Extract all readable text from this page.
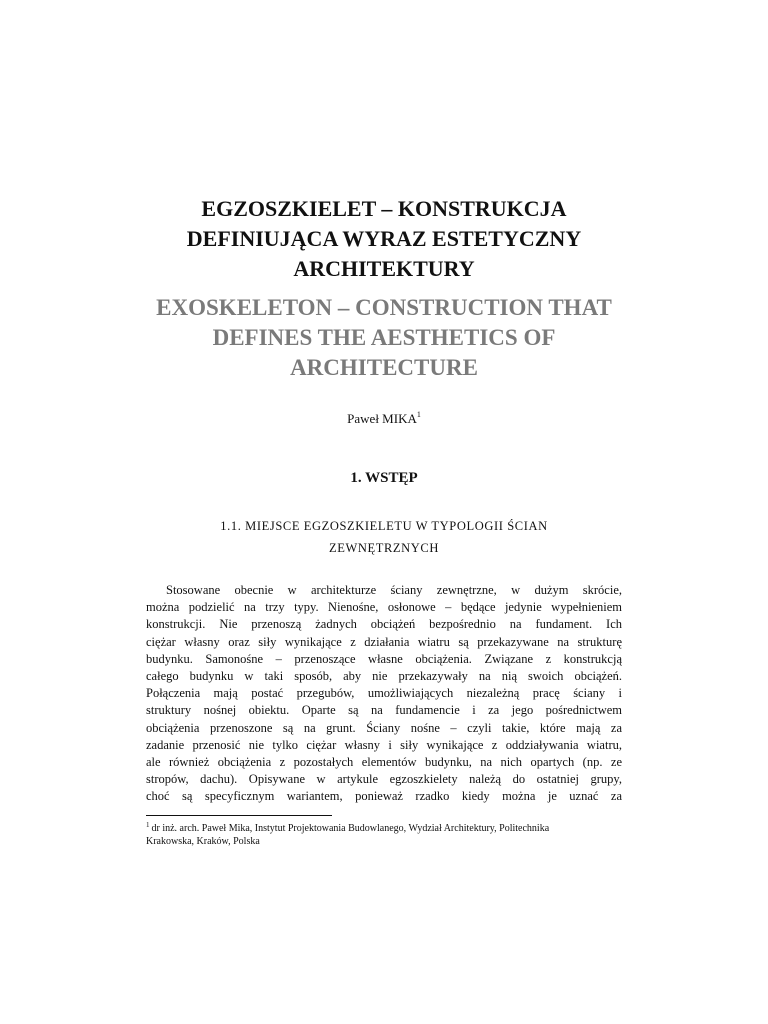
EGZOSZKIELET – KONSTRUKCJA
DEFINIUJĄCA WYRAZ ESTETYCZNY
ARCHITEKTURY
EXOSKELETON – CONSTRUCTION THAT
DEFINES THE AESTHETICS OF
ARCHITECTURE
Paweł MIKA$^1$
1. WSTĘP
1.1. MIEJSCE EGZOSZKIELETU W TYPOLOGII ŚCIAN
ZEWNĘTRZNYCH
Stosowane obecnie w architekturze ściany zewnętrzne, w dużym skrócie,
można podzielić na trzy typy. Nienośne, osłonowe – będące jedynie wypełnieniem
konstrukcji. Nie przenoszą żadnych obciążeń bezpośrednio na fundament. Ich
ciężar własny oraz siły wynikające z działania wiatru są przekazywane na strukturę
budynku. Samonośne – przenoszące własne obciążenia. Związane z konstrukcją
całego budynku w taki sposób, aby nie przekazywały na nią swoich obciążeń.
Połączenia mają postać przegubów, umożliwiających niezależną pracę ściany i
struktury nośnej obiektu. Oparte są na fundamencie i za jego pośrednictwem
obciążenia przenoszone są na grunt. Ściany nośne – czyli takie, które mają za
zadanie przenosić nie tylko ciężar własny i siły wynikające z oddziaływania wiatru,
ale również obciążenia z pozostałych elementów budynku, na nich opartych (np. ze
stropów, dachu). Opisywane w artykule egzoszkielety należą do ostatniej grupy,
choć są specyficznym wariantem, ponieważ rzadko kiedy można je uznać za
$^1$ dr inż. arch. Paweł Mika, Instytut Projektowania Budowlanego, Wydział Architektury, Politechnika
Krakowska, Kraków, Polska
